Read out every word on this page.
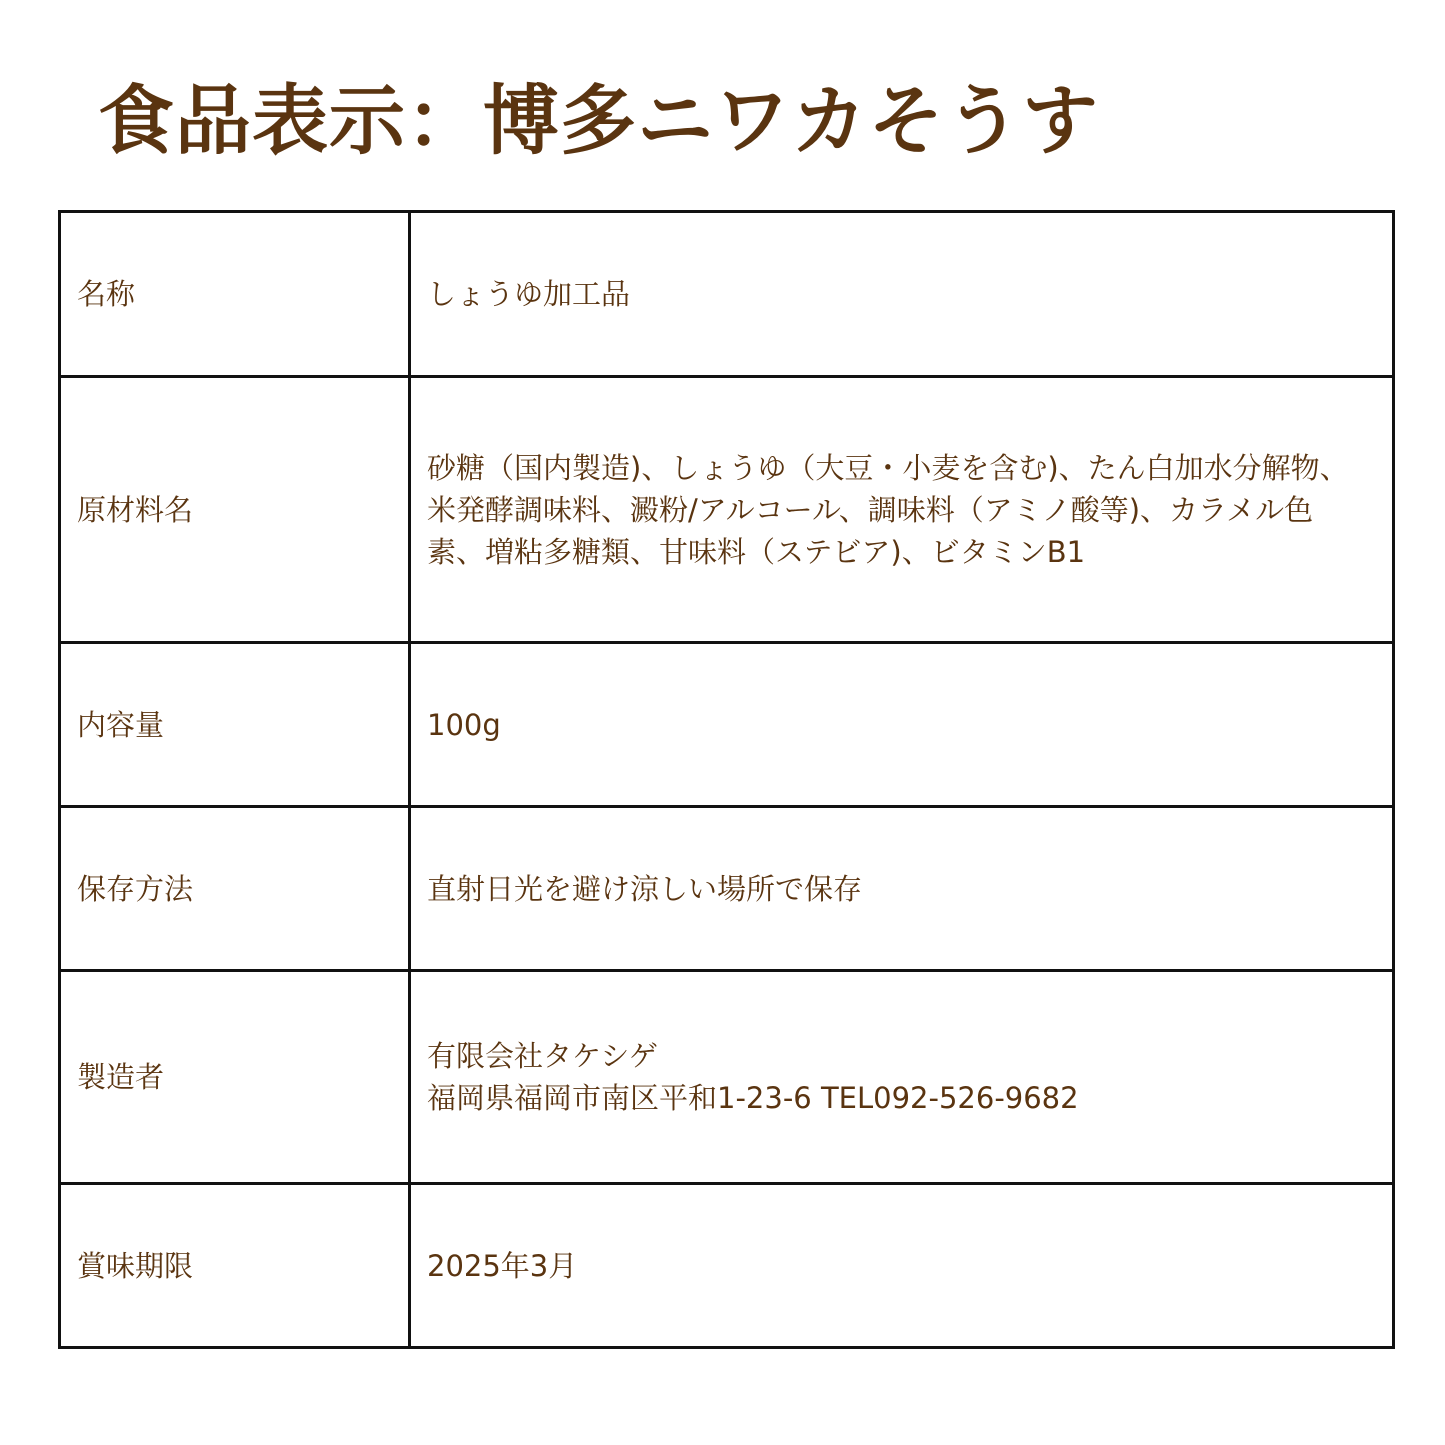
食品表示：博多ニワカそうす
名称	しょうゆ加工品
原材料名	砂糖（国内製造)、しょうゆ（大豆・小麦を含む)、たん白加水分解物、米発酵調味料、澱粉/アルコール、調味料（アミノ酸等)、カラメル色素、増粘多糖類、甘味料（ステビア)、ビタミンB1
内容量	100g
保存方法	直射日光を避け涼しい場所で保存
製造者	有限会社タケシゲ
福岡県福岡市南区平和1-23-6 TEL092-526-9682

賞味期限	2025年3月
